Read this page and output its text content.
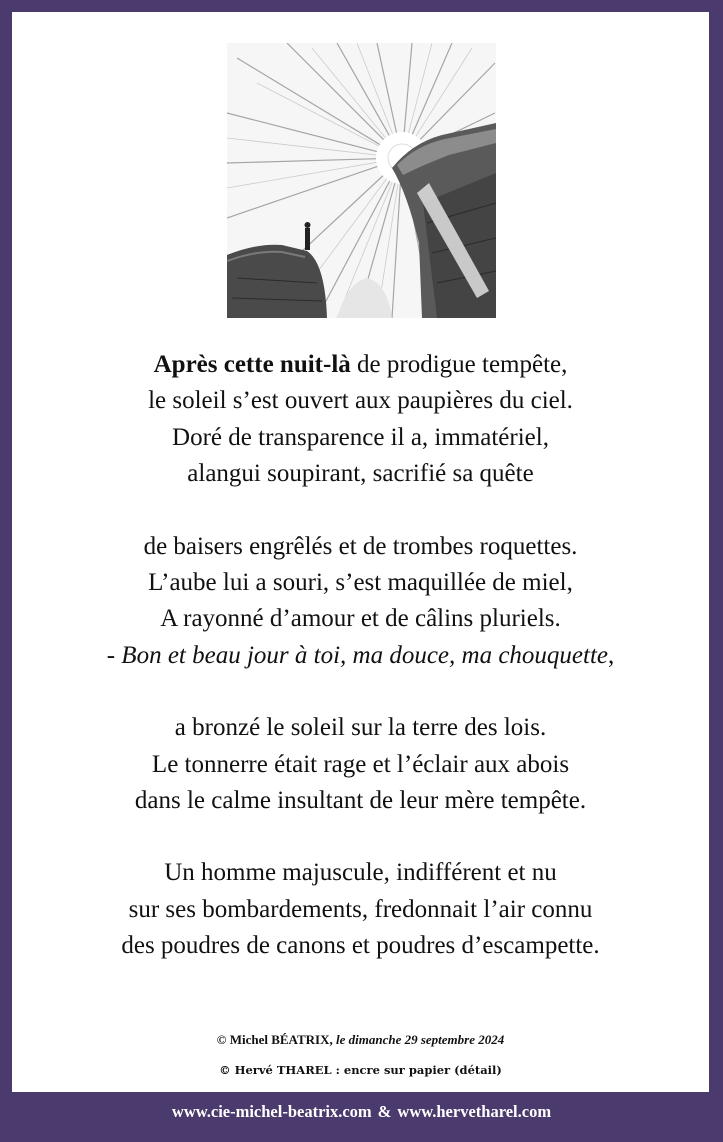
Après cette nuit-là de prodigue tempête,
le soleil s’est ouvert aux paupières du ciel.
Doré de transparence il a, immatériel,
alangui soupirant, sacrifié sa quête
de baisers engrêlés et de trombes roquettes.
L’aube lui a souri, s’est maquillée de miel,
A rayonné d’amour et de câlins pluriels.
- Bon et beau jour à toi, ma douce, ma chouquette,
a bronzé le soleil sur la terre des lois.
Le tonnerre était rage et l’éclair aux abois
dans le calme insultant de leur mère tempête.
Un homme majuscule, indifférent et nu
sur ses bombardements, fredonnait l’air connu
des poudres de canons et poudres d’escampette.
© Michel BÉATRIX, le dimanche 29 septembre 2024
© Hervé THAREL : encre sur papier (détail)
www.cie-michel-beatrix.com & www.hervetharel.com
